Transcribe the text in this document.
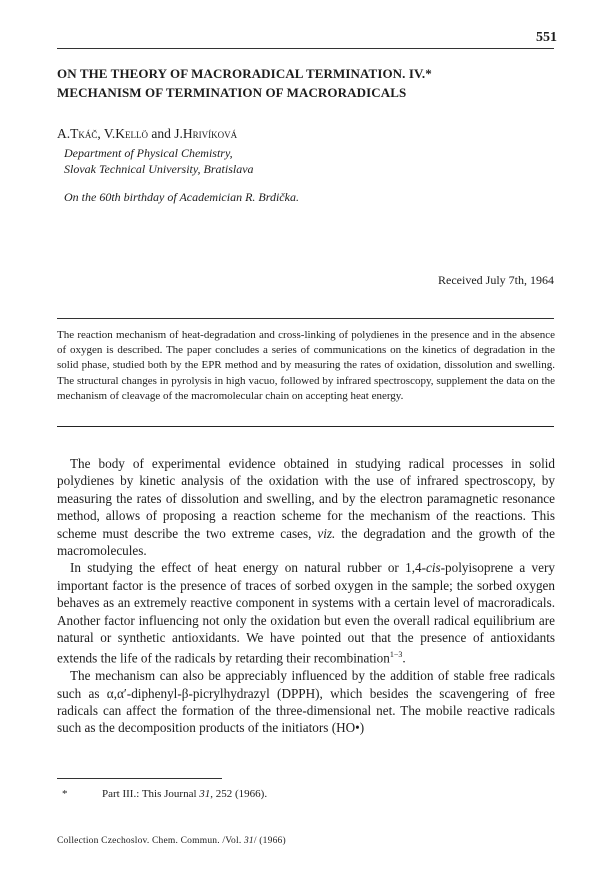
551
ON THE THEORY OF MACRORADICAL TERMINATION. IV.*
MECHANISM OF TERMINATION OF MACRORADICALS
A.Tkáč, V.Kellö and J.Hrivíková
Department of Physical Chemistry,
Slovak Technical University, Bratislava
On the 60th birthday of Academician R. Brdička.
Received July 7th, 1964
The reaction mechanism of heat-degradation and cross-linking of polydienes in the presence and in the absence of oxygen is described. The paper concludes a series of communications on the kinetics of degradation in the solid phase, studied both by the EPR method and by measuring the rates of oxidation, dissolution and swelling. The structural changes in pyrolysis in high vacuo, followed by infrared spectroscopy, supplement the data on the mechanism of cleavage of the macromolecular chain on accepting heat energy.

The body of experimental evidence obtained in studying radical processes in solid polydienes by kinetic analysis of the oxidation with the use of infrared spectroscopy, by measuring the rates of dissolution and swelling, and by the electron paramagnetic resonance method, allows of proposing a reaction scheme for the mechanism of the reactions. This scheme must describe the two extreme cases, viz. the degradation and the growth of the macromolecules.

In studying the effect of heat energy on natural rubber or 1,4-cis-polyisoprene a very important factor is the presence of traces of sorbed oxygen in the sample; the sorbed oxygen behaves as an extremely reactive component in systems with a certain level of macroradicals. Another factor influencing not only the oxidation but even the overall radical equilibrium are natural or synthetic antioxidants. We have pointed out that the presence of antioxidants extends the life of the radicals by retarding their recombination$^{1-3}$.

The mechanism can also be appreciably influenced by the addition of stable free radicals such as α,α′-diphenyl-β-picrylhydrazyl (DPPH), which besides the scavengering of free radicals can affect the formation of the three-dimensional net. The mobile reactive radicals such as the decomposition products of the initiators (HO•)

*	Part III.: This Journal 31, 252 (1966).
Collection Czechoslov. Chem. Commun. /Vol. 31/ (1966)
